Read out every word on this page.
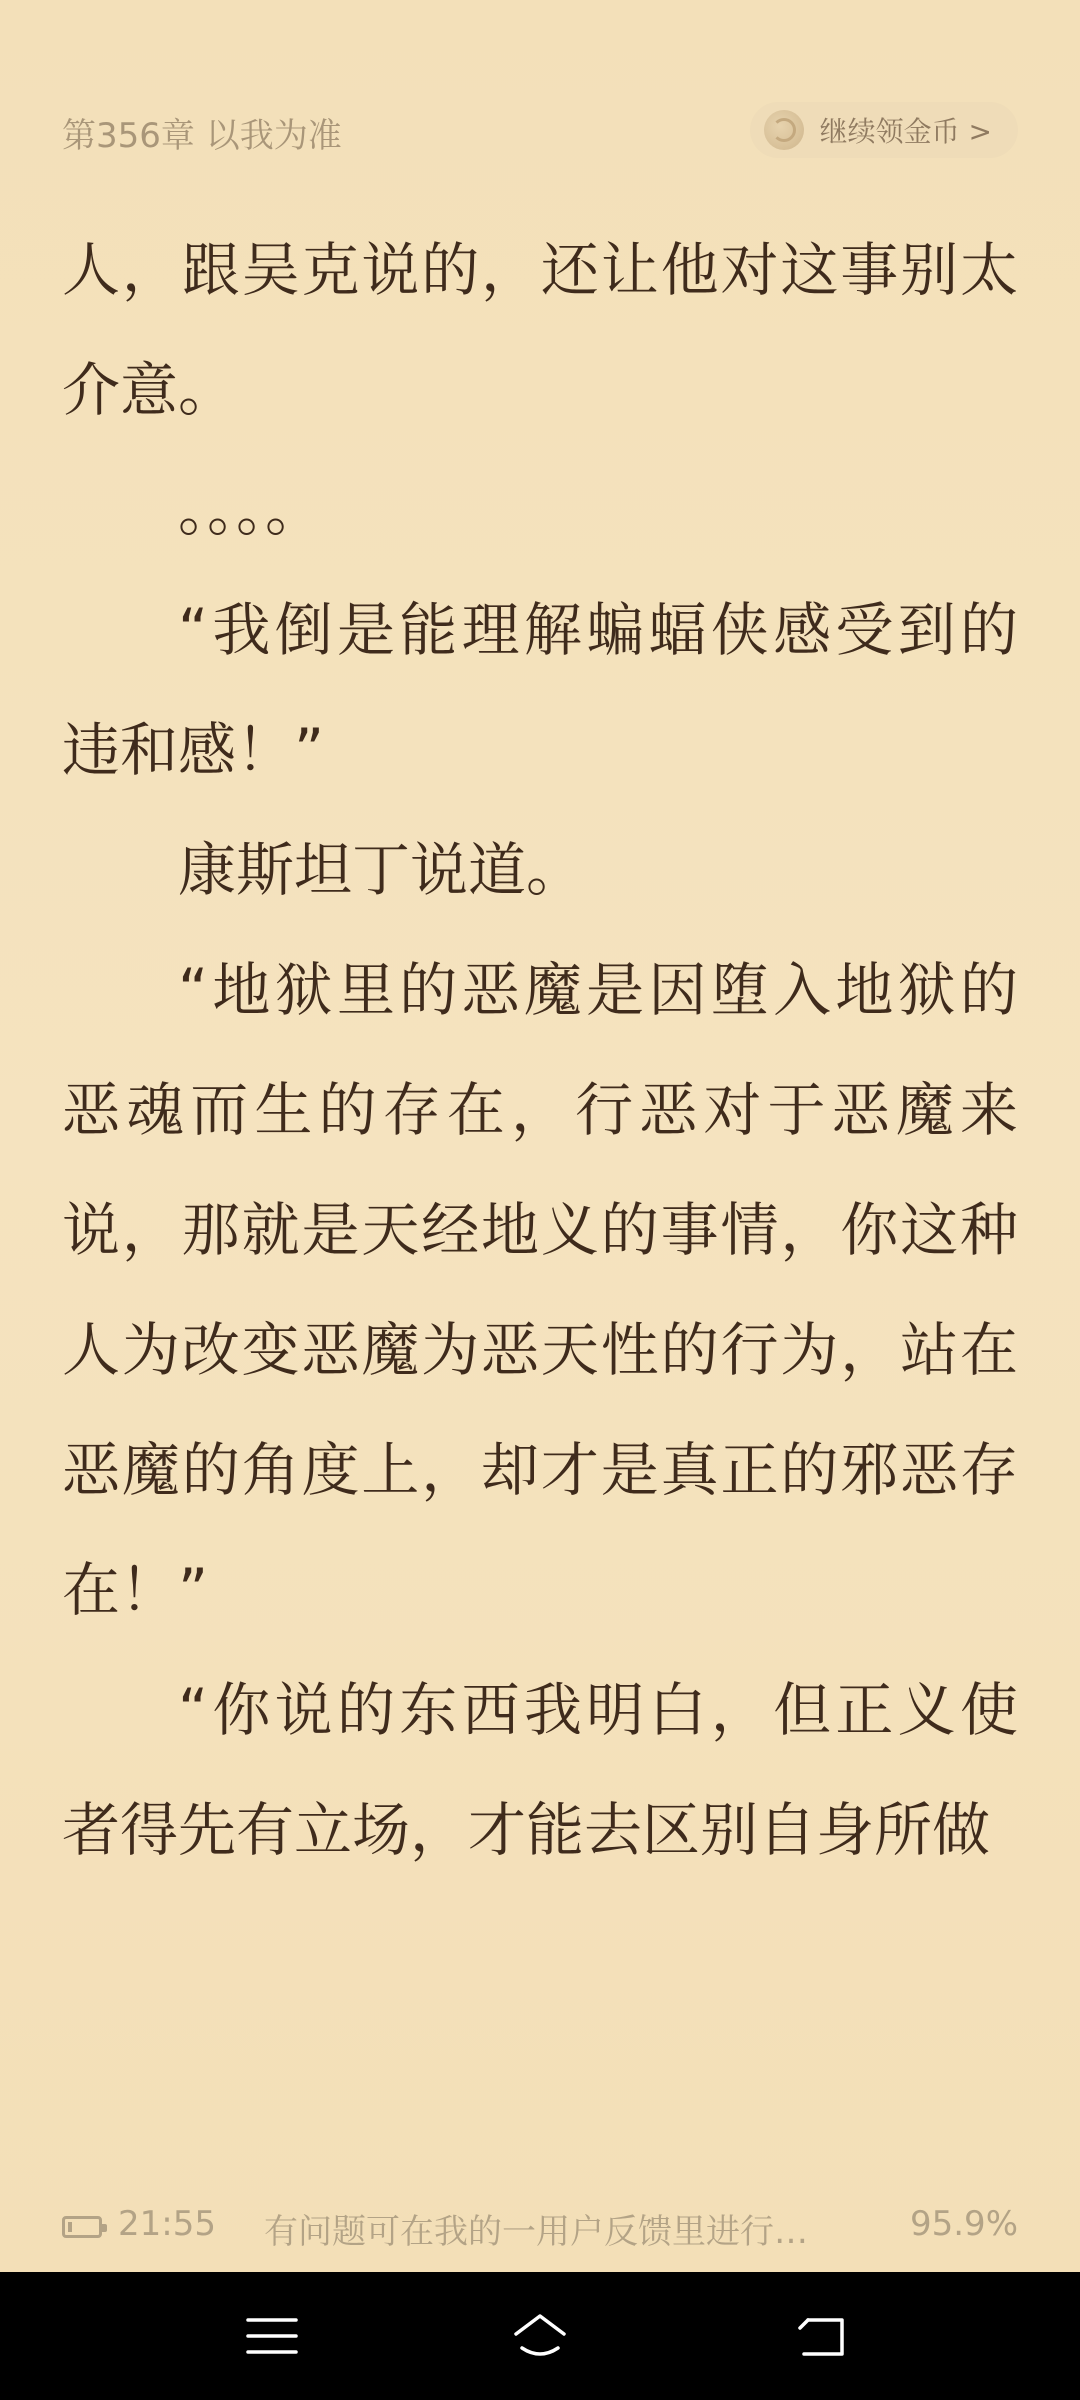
第356章 以我为准	继续领金币 >

人，跟吴克说的，还让他对这事别太介意。

。。。。

“我倒是能理解蝙蝠侠感受到的违和感！”

康斯坦丁说道。

“地狱里的恶魔是因堕入地狱的恶魂而生的存在，行恶对于恶魔来说，那就是天经地义的事情，你这种人为改变恶魔为恶天性的行为，站在恶魔的角度上，却才是真正的邪恶存在！”

“你说的东西我明白，但正义使者得先有立场，才能去区别自身所做

21:55 有问题可在我的一用户反馈里进行…	95.9%
